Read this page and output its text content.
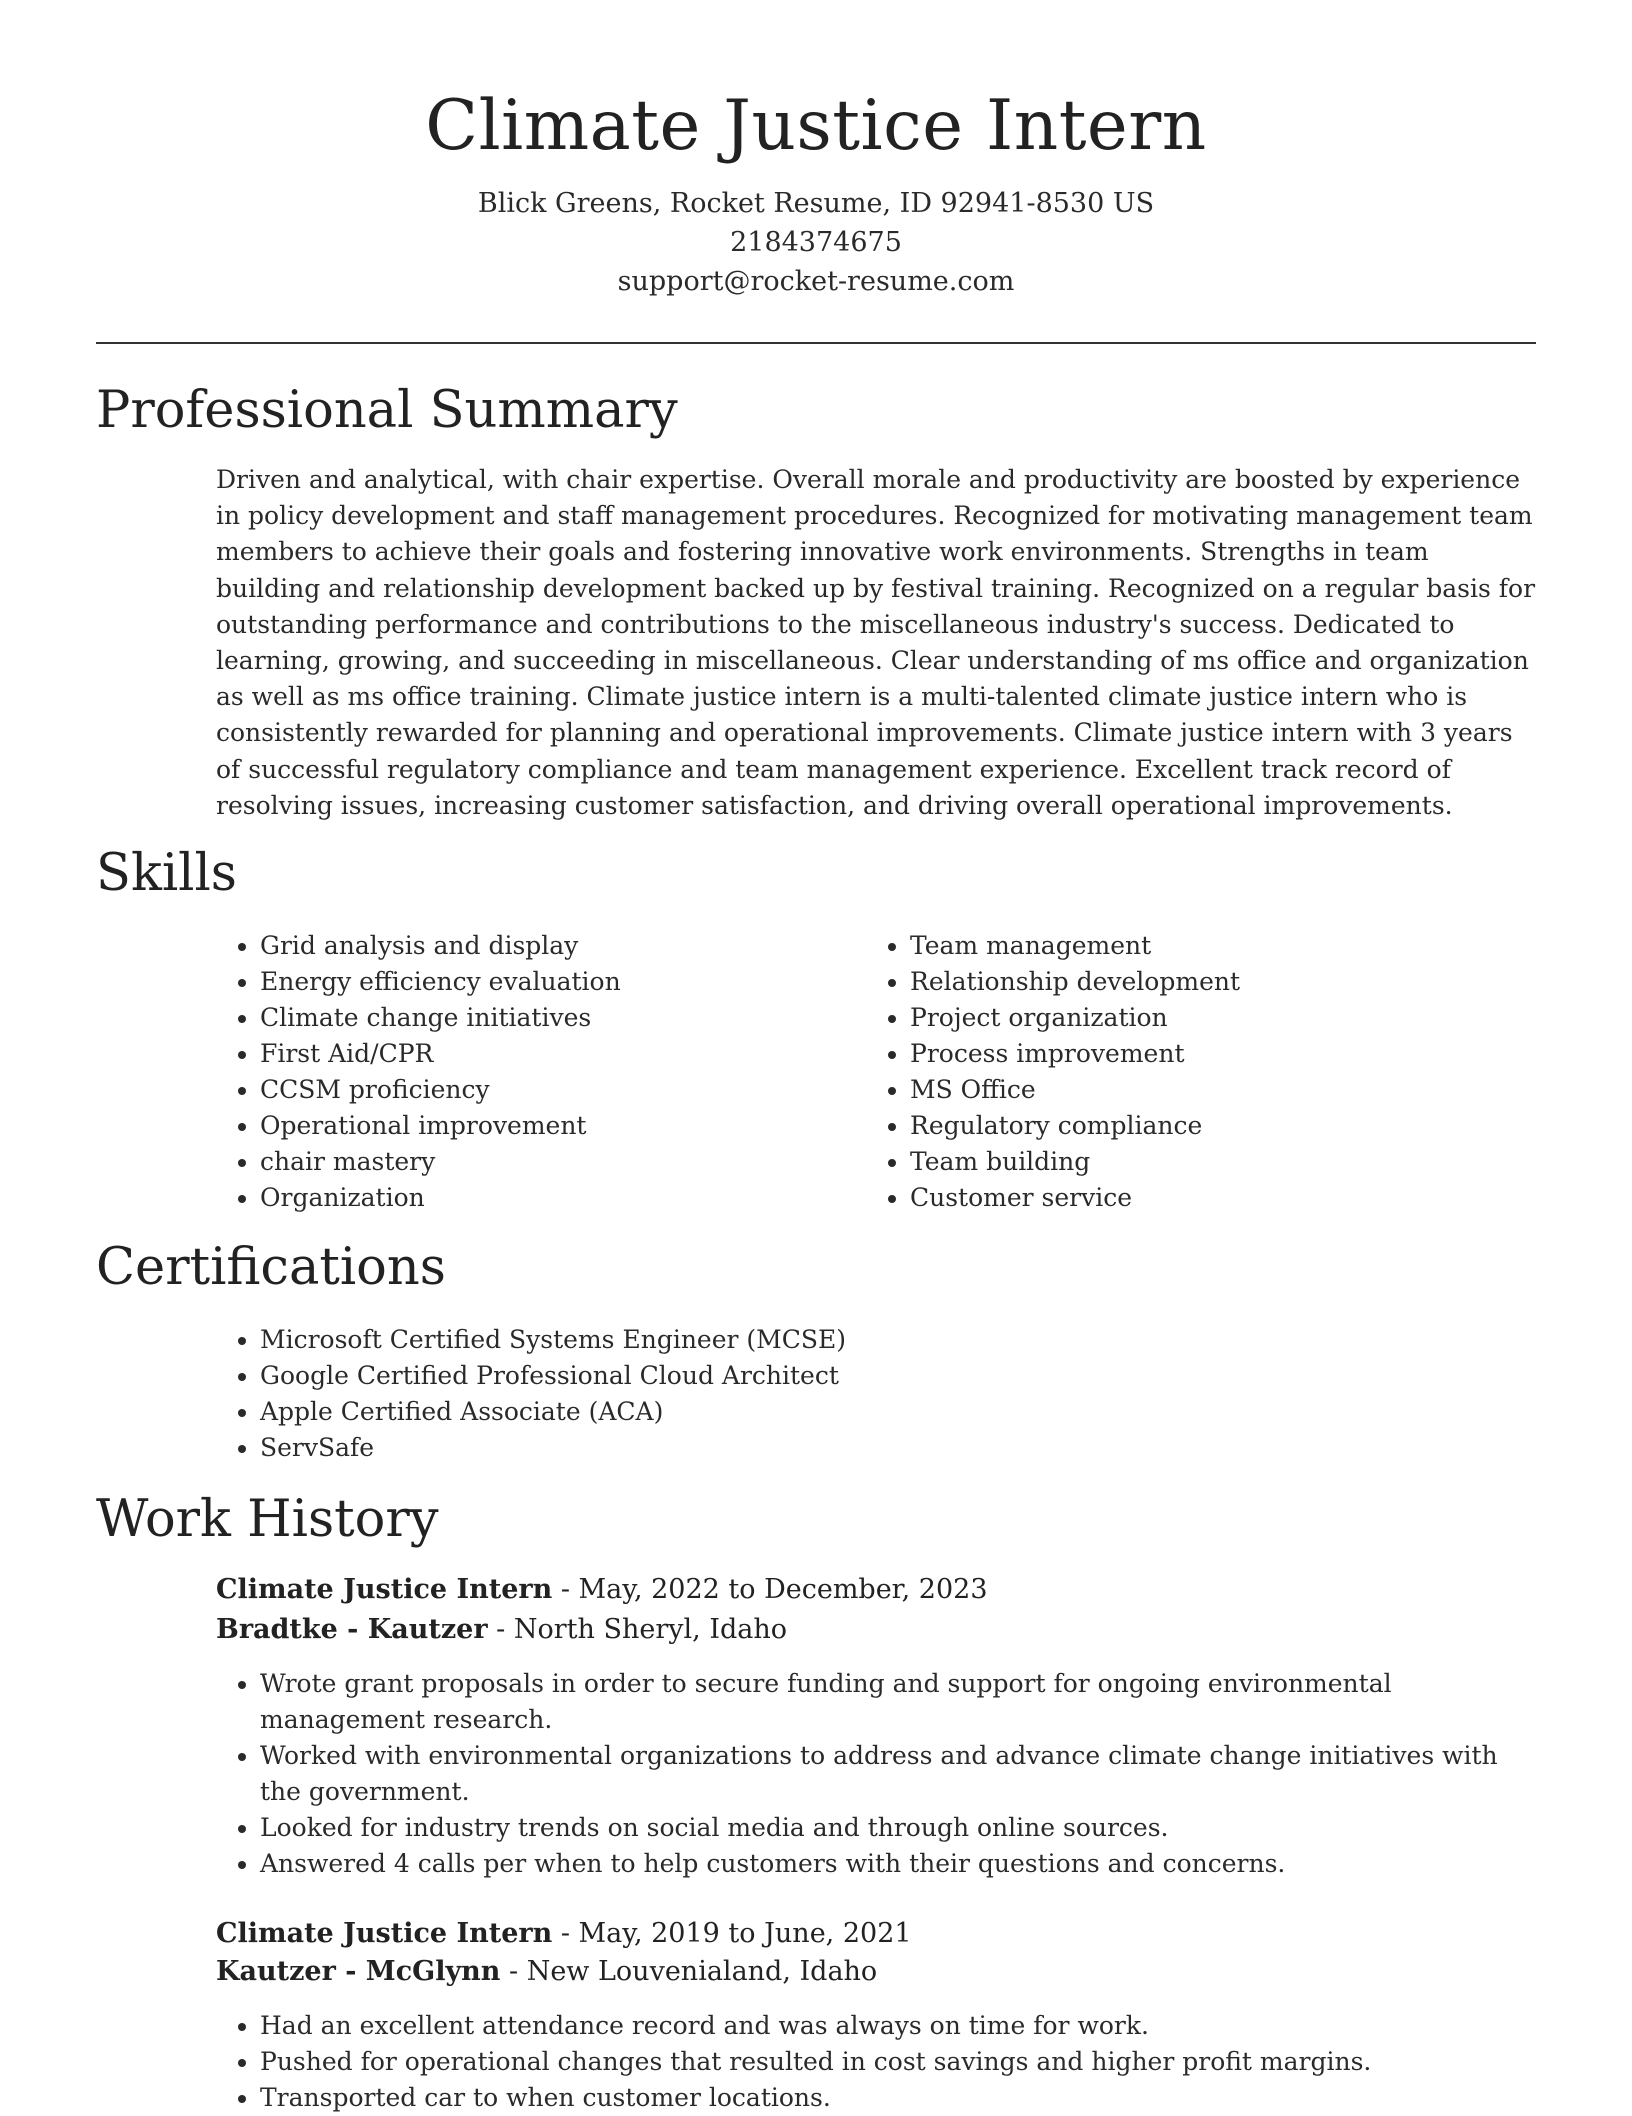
Climate Justice Intern
Blick Greens, Rocket Resume, ID 92941-8530 US
2184374675
support@rocket-resume.com
Professional Summary

Driven and analytical, with chair expertise. Overall morale and productivity are boosted by experience in policy development and staff management procedures. Recognized for motivating management team members to achieve their goals and fostering innovative work environments. Strengths in team building and relationship development backed up by festival training. Recognized on a regular basis for outstanding performance and contributions to the miscellaneous industry's success. Dedicated to learning, growing, and succeeding in miscellaneous. Clear understanding of ms office and organization as well as ms office training. Climate justice intern is a multi-talented climate justice intern who is consistently rewarded for planning and operational improvements. Climate justice intern with 3 years of successful regulatory compliance and team management experience. Excellent track record of resolving issues, increasing customer satisfaction, and driving overall operational improvements.

Skills
• Grid analysis and display
• Energy efficiency evaluation
• Climate change initiatives
• First Aid/CPR
• CCSM proficiency
• Operational improvement
• chair mastery
• Organization
• Team management
• Relationship development
• Project organization
• Process improvement
• MS Office
• Regulatory compliance
• Team building
• Customer service
Certifications
• Microsoft Certified Systems Engineer (MCSE)
• Google Certified Professional Cloud Architect
• Apple Certified Associate (ACA)
• ServSafe
Work History
Climate Justice Intern - May, 2022 to December, 2023
Bradtke - Kautzer - North Sheryl, Idaho
• Wrote grant proposals in order to secure funding and support for ongoing environmental management research.
• Worked with environmental organizations to address and advance climate change initiatives with the government.
• Looked for industry trends on social media and through online sources.
• Answered 4 calls per when to help customers with their questions and concerns.
Climate Justice Intern - May, 2019 to June, 2021
Kautzer - McGlynn - New Louvenialand, Idaho
• Had an excellent attendance record and was always on time for work.
• Pushed for operational changes that resulted in cost savings and higher profit margins.
• Transported car to when customer locations.
